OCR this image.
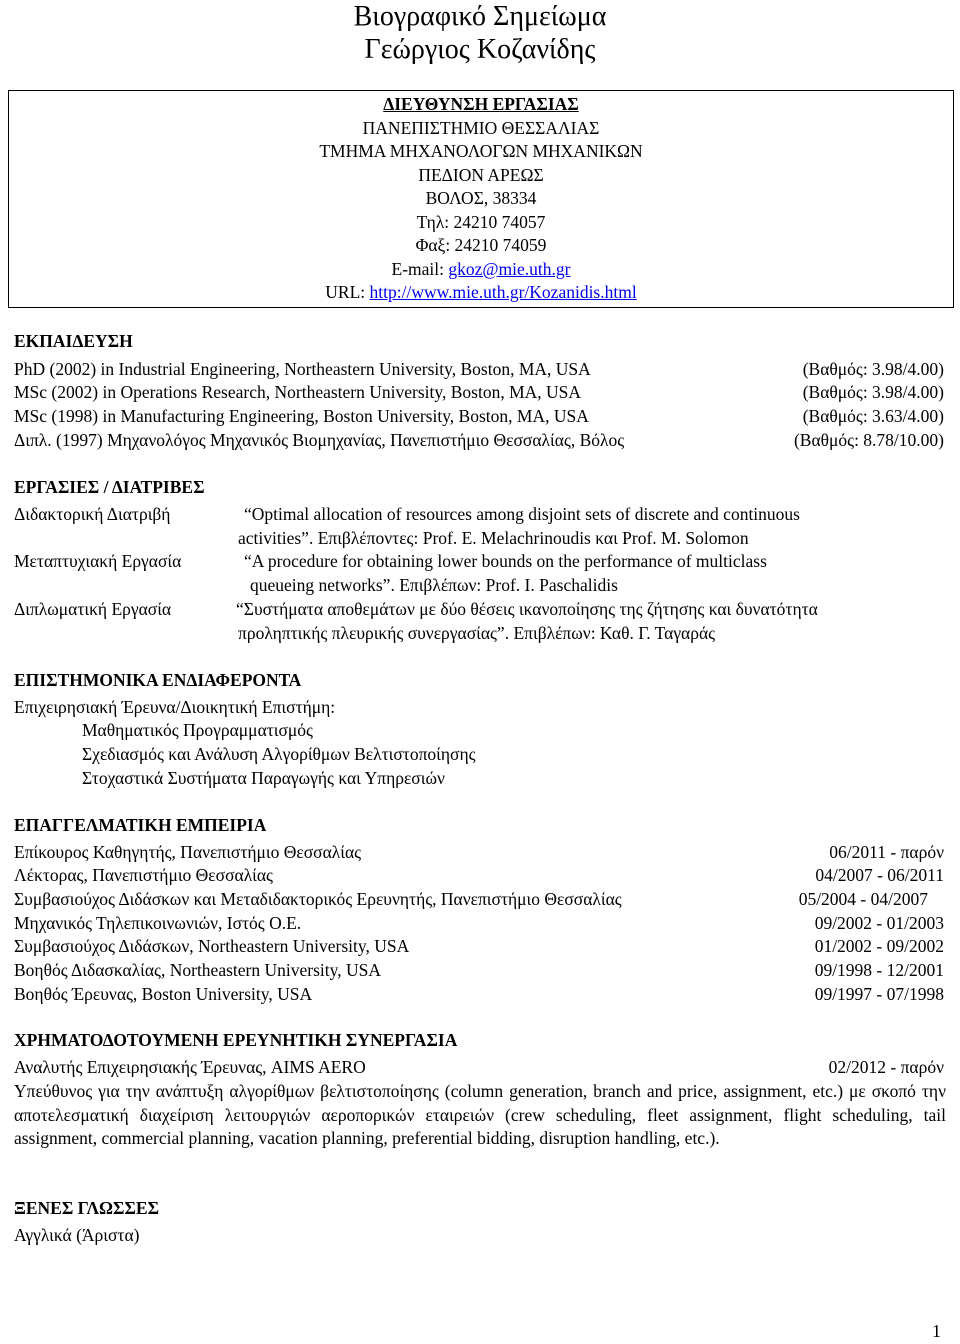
Βιογραφικό Σημείωμα
Γεώργιος Κοζανίδης
ΔΙΕΥΘΥΝΣΗ ΕΡΓΑΣΙΑΣ
ΠΑΝΕΠΙΣΤΗΜΙΟ ΘΕΣΣΑΛΙΑΣ
ΤΜΗΜΑ ΜΗΧΑΝΟΛΟΓΩΝ ΜΗΧΑΝΙΚΩΝ
ΠΕΔΙΟΝ ΑΡΕΩΣ
ΒΟΛΟΣ, 38334
Τηλ: 24210 74057
Φαξ: 24210 74059
E-mail: gkoz@mie.uth.gr
URL: http://www.mie.uth.gr/Kozanidis.html
ΕΚΠΑΙΔΕΥΣΗ
PhD (2002) in Industrial Engineering, Northeastern University, Boston, MA, USA	(Βαθμός: 3.98/4.00)
MSc (2002) in Operations Research, Northeastern University, Boston, MA, USA	(Βαθμός: 3.98/4.00)
MSc (1998) in Manufacturing Engineering, Boston University, Boston, MA, USA	(Βαθμός: 3.63/4.00)
Διπλ. (1997) Μηχανολόγος Μηχανικός Βιομηχανίας, Πανεπιστήμιο Θεσσαλίας, Βόλος	(Βαθμός: 8.78/10.00)
ΕΡΓΑΣΙΕΣ / ΔΙΑΤΡΙΒΕΣ
Διδακτορική Διατριβή	“Optimal allocation of resources among disjoint sets of discrete and continuous
activities”. Επιβλέποντες: Prof. E. Melachrinoudis και Prof. M. Solomon
Μεταπτυχιακή Εργασία	“A procedure for obtaining lower bounds on the performance of multiclass
queueing networks”. Επιβλέπων: Prof. I. Paschalidis
Διπλωματική Εργασία	“Συστήματα αποθεμάτων με δύο θέσεις ικανοποίησης της ζήτησης και δυνατότητα
προληπτικής πλευρικής συνεργασίας”. Επιβλέπων: Καθ. Γ. Ταγαράς
ΕΠΙΣΤΗΜΟΝΙΚΑ ΕΝΔΙΑΦΕΡΟΝΤΑ
Επιχειρησιακή Έρευνα/Διοικητική Επιστήμη:
Μαθηματικός Προγραμματισμός
Σχεδιασμός και Ανάλυση Αλγορίθμων Βελτιστοποίησης
Στοχαστικά Συστήματα Παραγωγής και Υπηρεσιών
ΕΠΑΓΓΕΛΜΑΤΙΚΗ ΕΜΠΕΙΡΙΑ
Επίκουρος Καθηγητής, Πανεπιστήμιο Θεσσαλίας	06/2011 - παρόν
Λέκτορας, Πανεπιστήμιο Θεσσαλίας	04/2007 - 06/2011
Συμβασιούχος Διδάσκων και Μεταδιδακτορικός Ερευνητής, Πανεπιστήμιο Θεσσαλίας	05/2004 - 04/2007
Μηχανικός Τηλεπικοινωνιών, Ιστός Ο.Ε.	09/2002 - 01/2003
Συμβασιούχος Διδάσκων, Northeastern University, USA	01/2002 - 09/2002
Βοηθός Διδασκαλίας, Northeastern University, USA	09/1998 - 12/2001
Βοηθός Έρευνας, Boston University, USA	09/1997 - 07/1998
ΧΡΗΜΑΤΟΔΟΤΟΥΜΕΝΗ ΕΡΕΥΝΗΤΙΚΗ ΣΥΝΕΡΓΑΣΙΑ
Αναλυτής Επιχειρησιακής Έρευνας, AIMS AERO	02/2012 - παρόν
Υπεύθυνος για την ανάπτυξη αλγορίθμων βελτιστοποίησης (column generation, branch and price, assignment, etc.) με σκοπό την αποτελεσματική διαχείριση λειτουργιών αεροπορικών εταιρειών (crew scheduling, fleet assignment, flight scheduling, tail assignment, commercial planning, vacation planning, preferential bidding, disruption handling, etc.).
ΞΕΝΕΣ ΓΛΩΣΣΕΣ
Αγγλικά (Άριστα)
1
